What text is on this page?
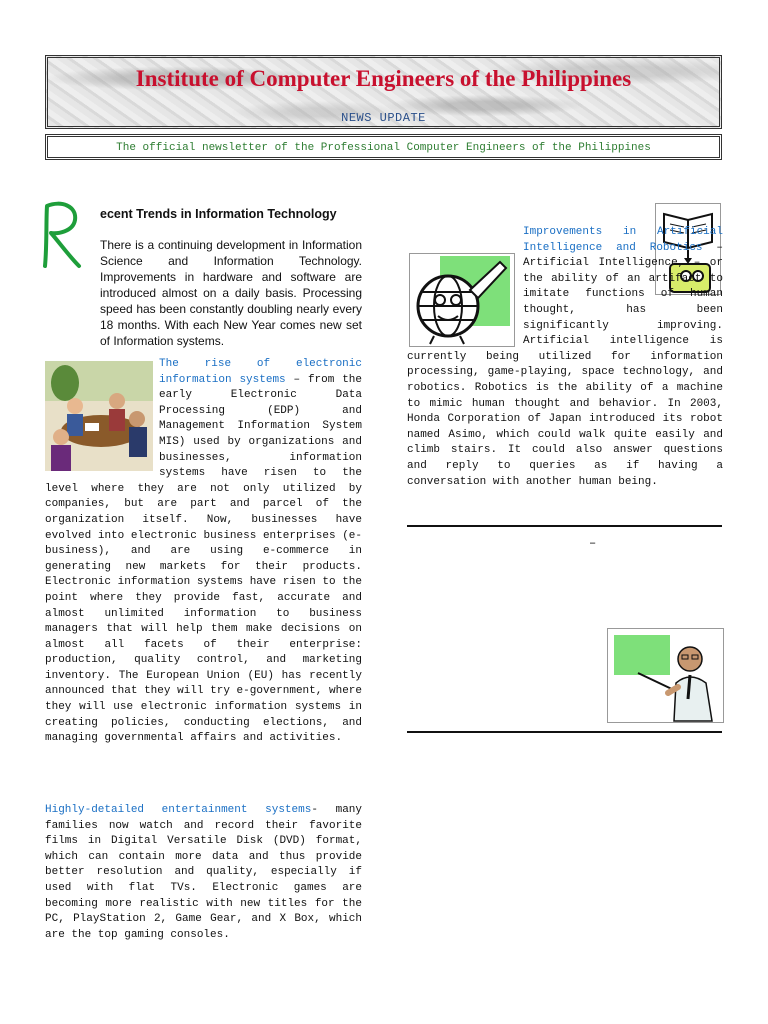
Institute of Computer Engineers of the Philippines
NEWS UPDATE
The official newsletter of the Professional Computer Engineers of the Philippines
R
ecent Trends in Information Technology
There is a continuing development in Information Science and Information Technology. Improvements in hardware and software are introduced almost on a daily basis. Processing speed has been constantly doubling nearly every 18 months. With each New Year comes new set of Information systems.
The rise of electronic information systems – from the early Electronic Data Processing (EDP) and Management Information System MIS) used by organizations and businesses, information systems have risen to the level where they are not only utilized by companies, but are part and parcel of the organization itself. Now, businesses have evolved into electronic business enterprises (e-business), and are using e-commerce in generating new markets for their products. Electronic information systems have risen to the point where they provide fast, accurate and almost unlimited information to business managers that will help them make decisions on almost all facets of their enterprise: production, quality control, and marketing inventory. The European Union (EU) has recently announced that they will try e-government, where they will use electronic information systems in creating policies, conducting elections, and managing governmental affairs and activities.
Highly-detailed entertainment systems- many families now watch and record their favorite films in Digital Versatile Disk (DVD) format, which can contain more data and thus provide better resolution and quality, especially if used with flat TVs. Electronic games are becoming more realistic with new titles for the PC, PlayStation 2, Game Gear, and X Box, which are the top gaming consoles.
Improvements in Artificial Intelligence and Robotics – Artificial Intelligence, – or the ability of an artifact to imitate functions of human thought, has been significantly improving. Artificial intelligence is currently being utilized for information processing, game-playing, space technology, and robotics. Robotics is the ability of a machine to mimic human thought and behavior. In 2003, Honda Corporation of Japan introduced its robot named Asimo, which could walk quite easily and climb stairs. It could also answer questions and reply to queries as if having a conversation with another human being.
–
